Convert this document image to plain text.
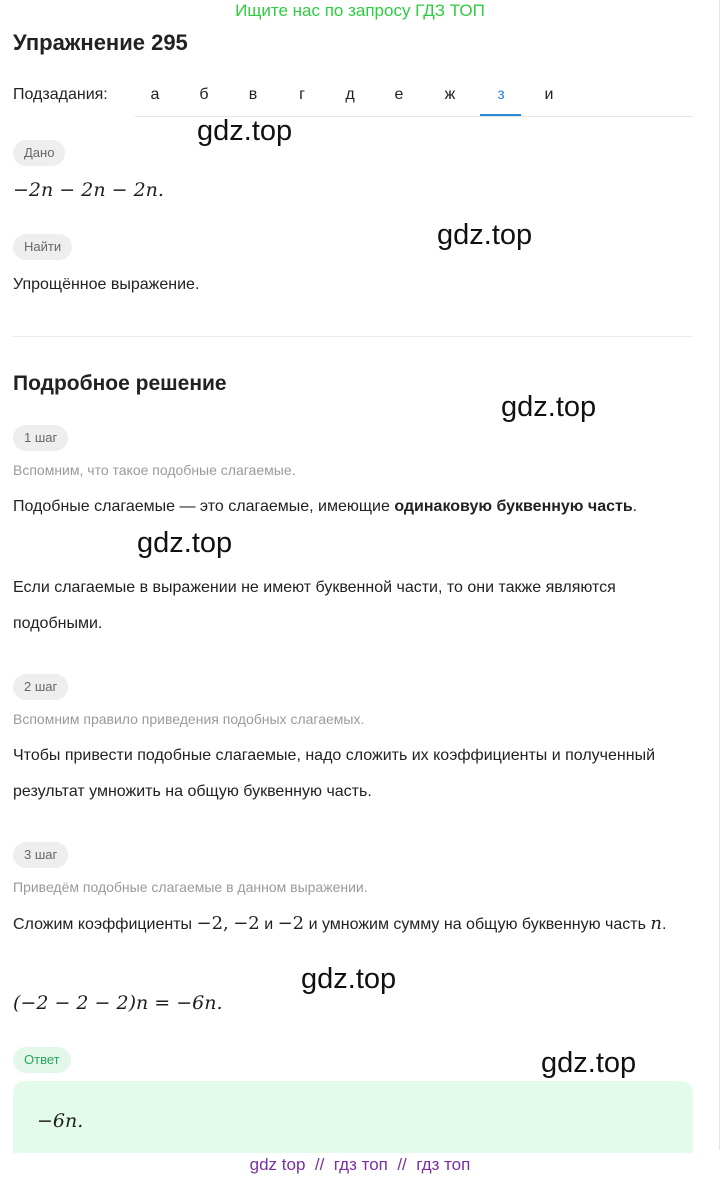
Ищите нас по запросу ГДЗ ТОП
Упражнение 295
Подзадания:	а	б	в	г	д	е	ж	з	и
Дано
−2n − 2n − 2n.
Найти
Упрощённое выражение.
Подробное решение
1 шаг
Вспомним, что такое подобные слагаемые.
Подобные слагаемые — это слагаемые, имеющие одинаковую буквенную часть.
Если слагаемые в выражении не имеют буквенной части, то они также являются подобными.
2 шаг
Вспомним правило приведения подобных слагаемых.
Чтобы привести подобные слагаемые, надо сложить их коэффициенты и полученный результат умножить на общую буквенную часть.
3 шаг
Приведём подобные слагаемые в данном выражении.
Сложим коэффициенты −2, −2 и −2 и умножим сумму на общую буквенную часть n.
(−2 − 2 − 2)n = −6n.
Ответ
−6n.
gdz.top
gdz.top
gdz.top
gdz.top
gdz.top
gdz.top
gdz top  //  гдз топ  //  гдз топ
